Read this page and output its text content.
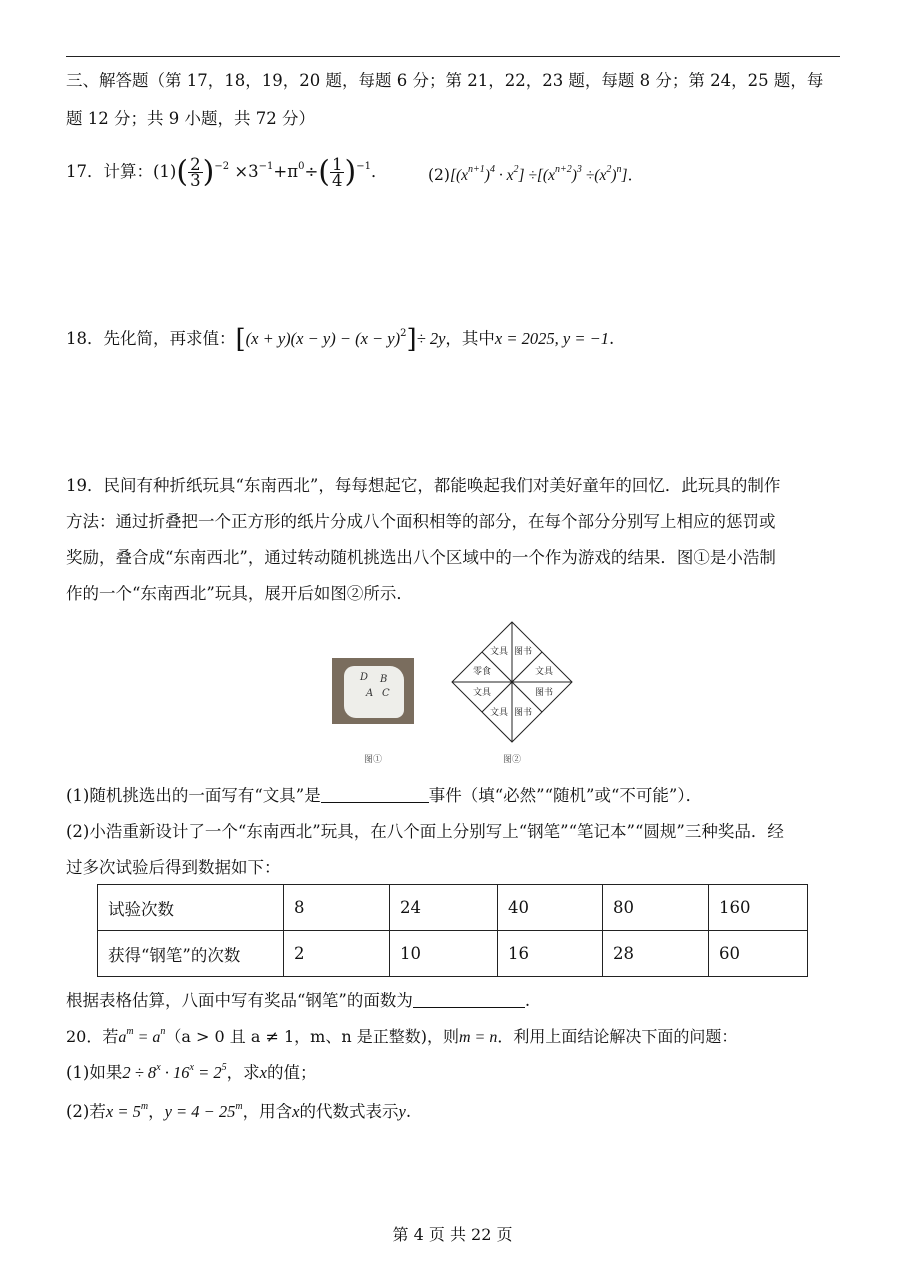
三、解答题（第 17，18，19，20 题，每题 6 分；第 21，22，23 题，每题 8 分；第 24，25 题，每
题 12 分；共 9 小题，共 72 分）
17．计算：$(1)( \frac{2}{3} )^{-2} \times 3^{-1}+\pi^0\div( \frac{1}{4} )^{-1}$．	$(2)[(x^{n+1})^4 \cdot x^2] \div[(x^{n+2})^3 \div(x^2)^n]$．
18．先化简，再求值：$[(x + y)(x - y) - (x - y)^2]\div 2y$，其中x = 2025, y = −1.
19．民间有种折纸玩具“东南西北”，每每想起它，都能唤起我们对美好童年的回忆．此玩具的制作
方法：通过折叠把一个正方形的纸片分成八个面积相等的部分，在每个部分分别写上相应的惩罚或
奖励，叠合成“东南西北”，通过转动随机挑选出八个区域中的一个作为游戏的结果．图①是小浩制
作的一个“东南西北”玩具，展开后如图②所示．
D B
A C
图①
文具 图书
零食	文具
文具	图书
文具 图书
图②
(1)随机挑选出的一面写有“文具”是	事件（填“必然”“随机”或“不可能”）．
(2)小浩重新设计了一个“东南西北”玩具，在八个面上分别写上“钢笔”“笔记本”“圆规”三种奖品．经
过多次试验后得到数据如下：
试验次数	8	24	40	80	160
获得“钢笔”的次数	2	10	16	28	60
根据表格估算，八面中写有奖品“钢笔”的面数为	.
20．若$a^m = a^n(a > 0$ 且 a ≠ 1，m、n 是正整数)，则m = n．利用上面结论解决下面的问题：
(1)如果$2 \div 8^x \cdot 16^x = 2^5$，求x的值；
(2)若$x = 5^m$，$y = 4 - 25^m$，用含x的代数式表示y.
第 4 页 共 22 页
